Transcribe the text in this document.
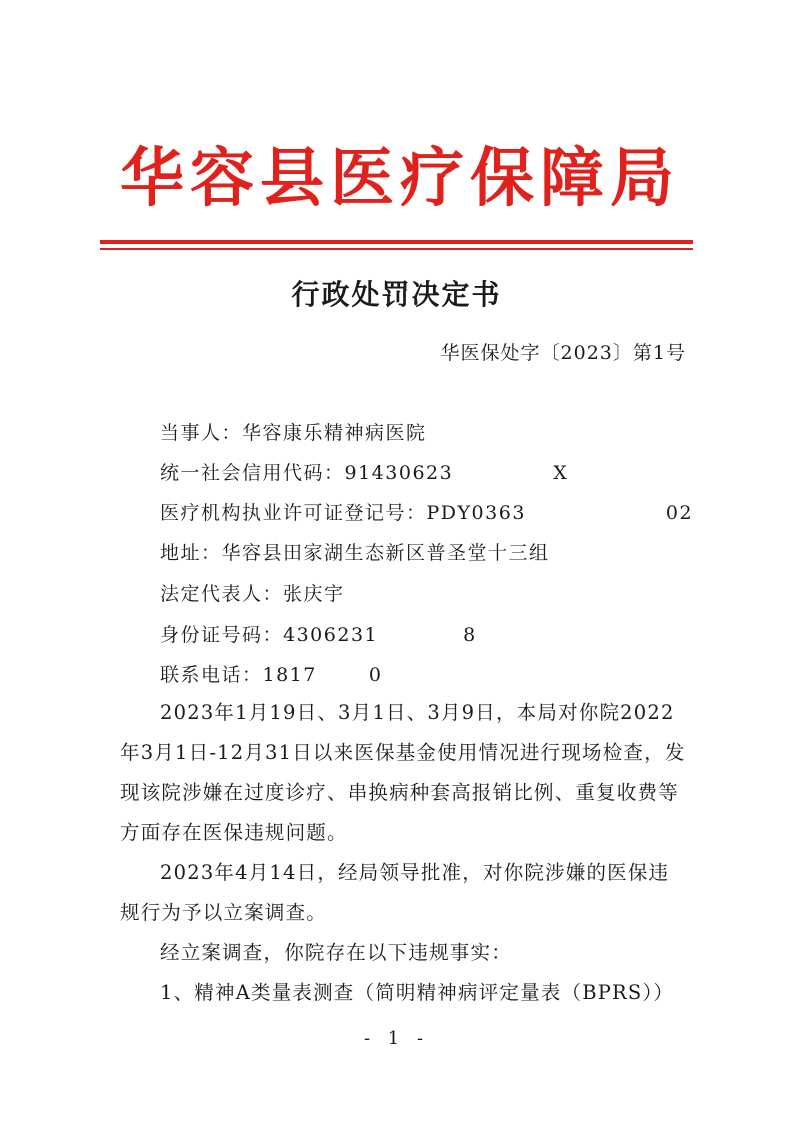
华容县医疗保障局
行政处罚决定书
华医保处字〔2023〕第1号
当事人：华容康乐精神病医院
统一社会信用代码：91430623	X
医疗机构执业许可证登记号：PDY0363	02
地址：华容县田家湖生态新区普圣堂十三组
法定代表人：张庆宇
身份证号码：4306231	8
联系电话：1817	0
2023年1月19日、3月1日、3月9日，本局对你院2022年3月1日-12月31日以来医保基金使用情况进行现场检查，发现该院涉嫌在过度诊疗、串换病种套高报销比例、重复收费等方面存在医保违规问题。
2023年4月14日，经局领导批准，对你院涉嫌的医保违规行为予以立案调查。
经立案调查，你院存在以下违规事实：
1、精神A类量表测查（简明精神病评定量表（BPRS））
- 1 -
